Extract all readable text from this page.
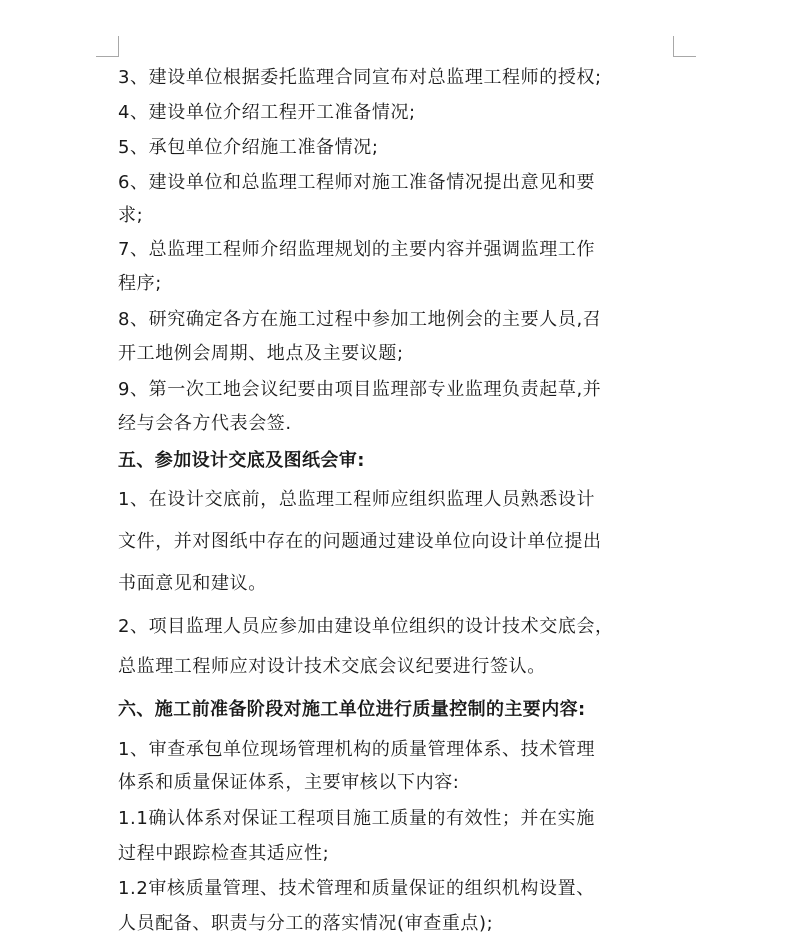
3、建设单位根据委托监理合同宣布对总监理工程师的授权;
4、建设单位介绍工程开工准备情况;
5、承包单位介绍施工准备情况;
6、建设单位和总监理工程师对施工准备情况提出意见和要
求;
7、总监理工程师介绍监理规划的主要内容并强调监理工作
程序;
8、研究确定各方在施工过程中参加工地例会的主要人员,召
开工地例会周期、地点及主要议题;
9、第一次工地会议纪要由项目监理部专业监理负责起草,并
经与会各方代表会签.
五、参加设计交底及图纸会审:
1、在设计交底前，总监理工程师应组织监理人员熟悉设计
文件，并对图纸中存在的问题通过建设单位向设计单位提出
书面意见和建议。
2、项目监理人员应参加由建设单位组织的设计技术交底会，
总监理工程师应对设计技术交底会议纪要进行签认。
六、施工前准备阶段对施工单位进行质量控制的主要内容:
1、审查承包单位现场管理机构的质量管理体系、技术管理
体系和质量保证体系，主要审核以下内容:
1.1确认体系对保证工程项目施工质量的有效性；并在实施
过程中跟踪检查其适应性;
1.2审核质量管理、技术管理和质量保证的组织机构设置、
人员配备、职责与分工的落实情况(审查重点);
